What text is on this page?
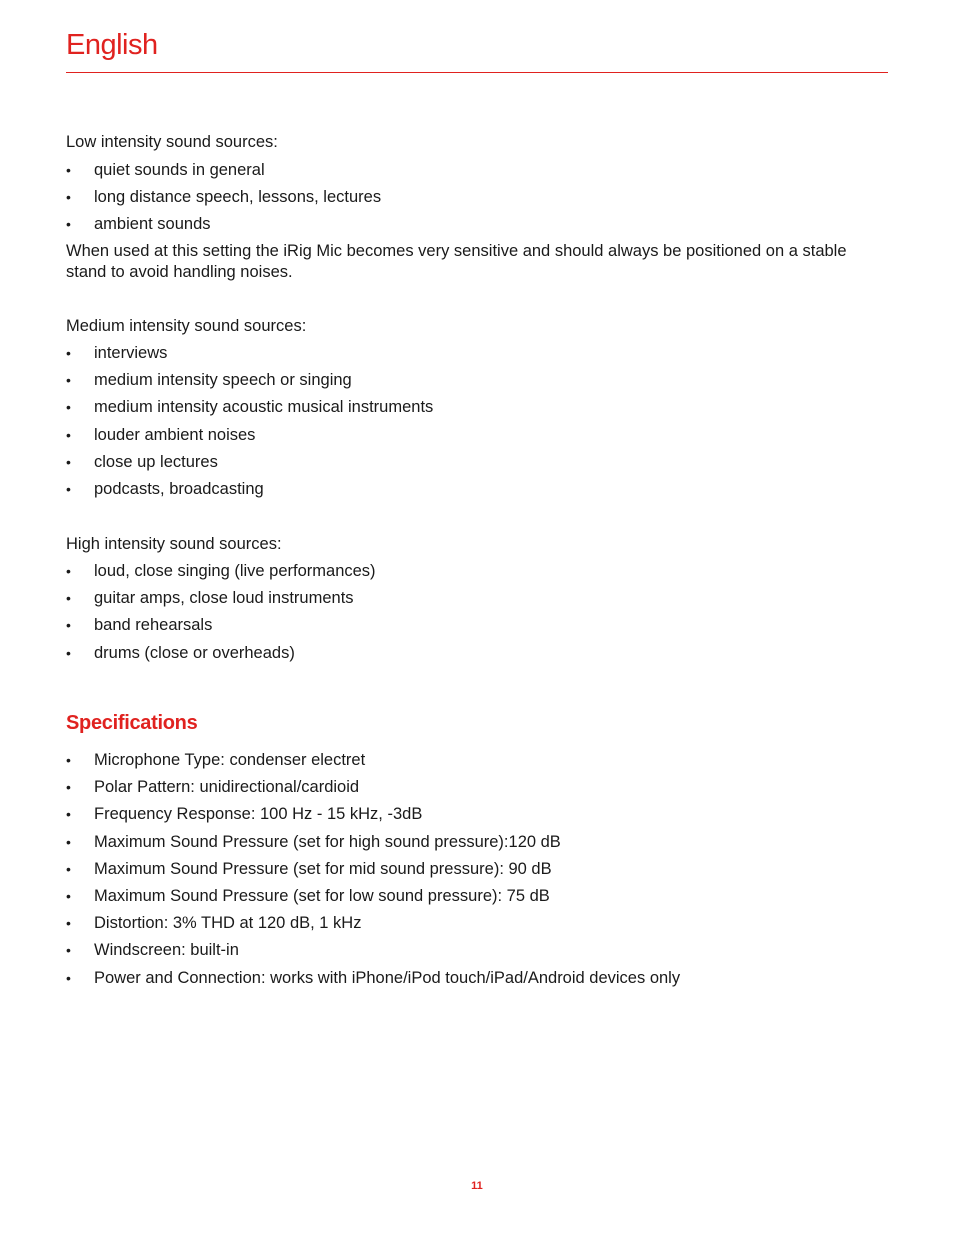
English

Low intensity sound sources:

• quiet sounds in general
• long distance speech, lessons, lectures
• ambient sounds

When used at this setting the iRig Mic becomes very sensitive and should always be positioned on a stable stand to avoid handling noises.

Medium intensity sound sources:

• interviews
• medium intensity speech or singing
• medium intensity acoustic musical instruments
• louder ambient noises
• close up lectures
• podcasts, broadcasting

High intensity sound sources:

• loud, close singing (live performances)
• guitar amps, close loud instruments
• band rehearsals
• drums (close or overheads)
Specifications
• Microphone Type: condenser electret
• Polar Pattern: unidirectional/cardioid
• Frequency Response: 100 Hz - 15 kHz, -3dB
• Maximum Sound Pressure (set for high sound pressure):120 dB
• Maximum Sound Pressure (set for mid sound pressure): 90 dB
• Maximum Sound Pressure (set for low sound pressure): 75 dB
• Distortion: 3% THD at 120 dB, 1 kHz
• Windscreen: built-in
• Power and Connection: works with iPhone/iPod touch/iPad/Android devices only
11
